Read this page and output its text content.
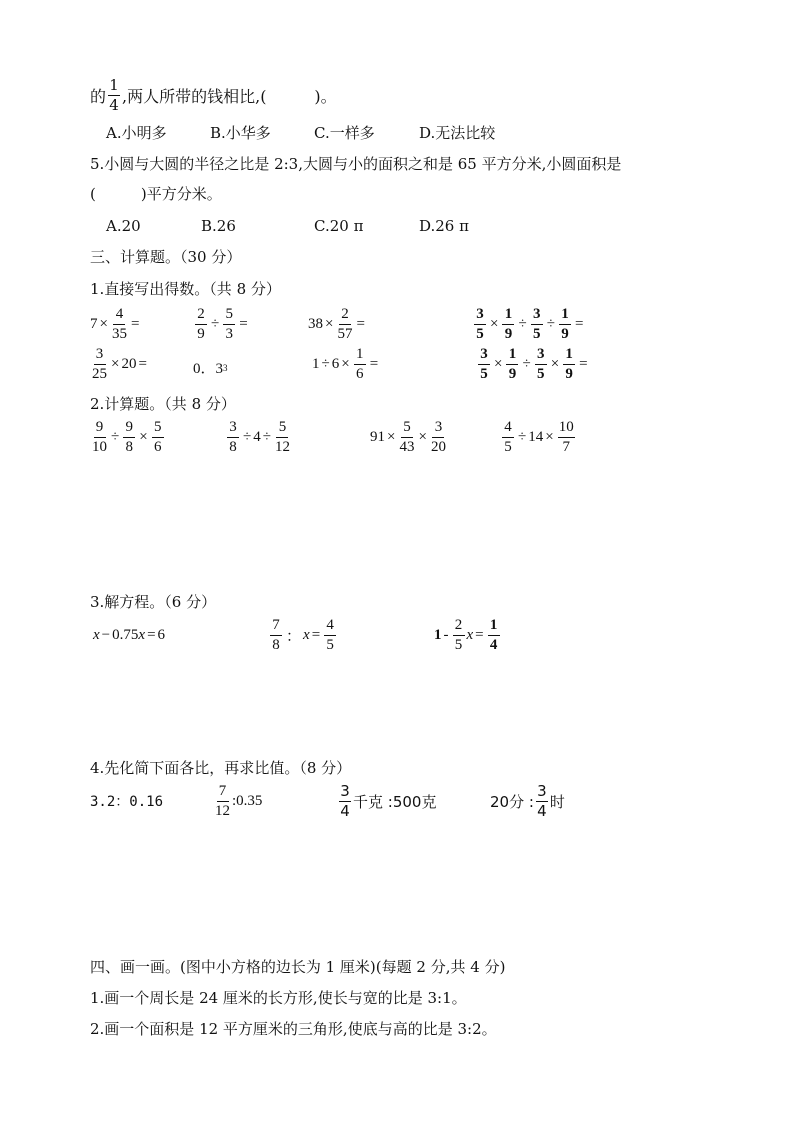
的 $\frac{1}{4}$ ,两人所带的钱相比,(　　　)。
A.小明多	B.小华多	C.一样多	D.无法比较
5.小圆与大圆的半径之比是 2:3,大圆与小的面积之和是 65 平方分米,小圆面积是
(　　　)平方分米。
A.20	B.26	C.20 π	D.26 π
三、计算题。（30 分）
1.直接写出得数。（共 8 分）
$7 \times \frac{4}{35}$ =	$\frac{2}{9} \div \frac{5}{3}$ =	$38 \times \frac{2}{57}$ =	$\frac{3}{5} \times \frac{1}{9} \div \frac{3}{5} \div \frac{1}{9}$ =
$\frac{3}{25} \times 20$ =	0．3 3	$1 \div 6 \times \frac{1}{6}$ =	$\frac{3}{5} \times \frac{1}{9} \div \frac{3}{5} \times \frac{1}{9}$ =
2.计算题。（共 8 分）
$\frac{9}{10} \div \frac{9}{8} \times \frac{5}{6}$	$\frac{3}{8} \div 4 \div \frac{5}{12}$	$91 \times \frac{5}{43} \times \frac{3}{20}$	$\frac{4}{5} \div 14 \times \frac{10}{7}$
3.解方程。（6 分）
x − 0.75 x = 6	$\frac{7}{8}$ ： $x = \frac{4}{5}$	$1 - \frac{2}{5}$ $x = \frac{1}{4}$
4.先化简下面各比，再求比值。（8 分）
3.2：0.16	$\frac{7}{12}$ :0.35	$\frac{3}{4}$ 千克 :500克	20分 : $\frac{3}{4}$ 时
四、画一画。(图中小方格的边长为 1 厘米)(每题 2 分,共 4 分)
1.画一个周长是 24 厘米的长方形,使长与宽的比是 3:1。
2.画一个面积是 12 平方厘米的三角形,使底与高的比是 3:2。
